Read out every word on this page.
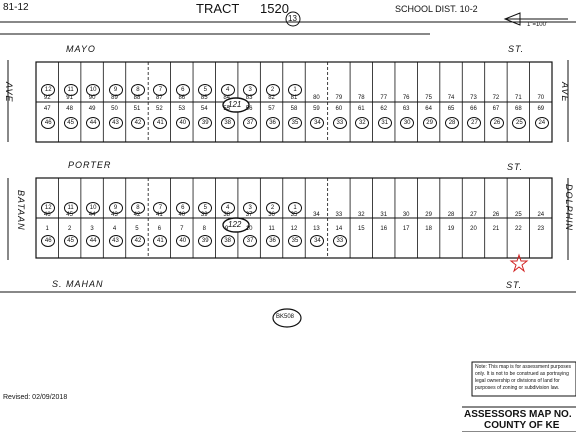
81-12	TRACT 1520
13
SCHOOL DIST. 10-2
1"=100'
MAYO	ST.
PORTER	ST.
S. MAHAN	ST.
AVE
BATAAN
AVE
DOLPHIN
121
122
BK508
12	11	10	9	8	7	6	5	4	3	2	1
92	91	90	89	88	87	86	85	84	83	82	81	80	79	78	77	76	75	74	73	72	71	70
47	48	49	50	51	52	53	54	55	56	57	58	59	60	61	62	63	64	65	66	67	68	69
46	45	44	43	42	41	40	39	38	37	36	35	34	33	32	31	30	29	28	27	26	25	24
12	11	10	9	8	7	6	5	4	3	2	1
46	45	44	43	42	41	40	39	38	37	36	35	34	33	32	31	30	29	28	27	26	25	24
1	2	3	4	5	6	7	8	9	10	11	12	13	14	15	16	17	18	19	20	21	22	23
46	45	44	43	42	41	40	39	38	37	36	35	34	33
Revised: 02/09/2018
Note: This map is for assessment purposes only. It is not to be construed as portraying legal ownership or divisions of land for purposes of zoning or subdivision law.
ASSESSORS MAP NO.
COUNTY OF KE
